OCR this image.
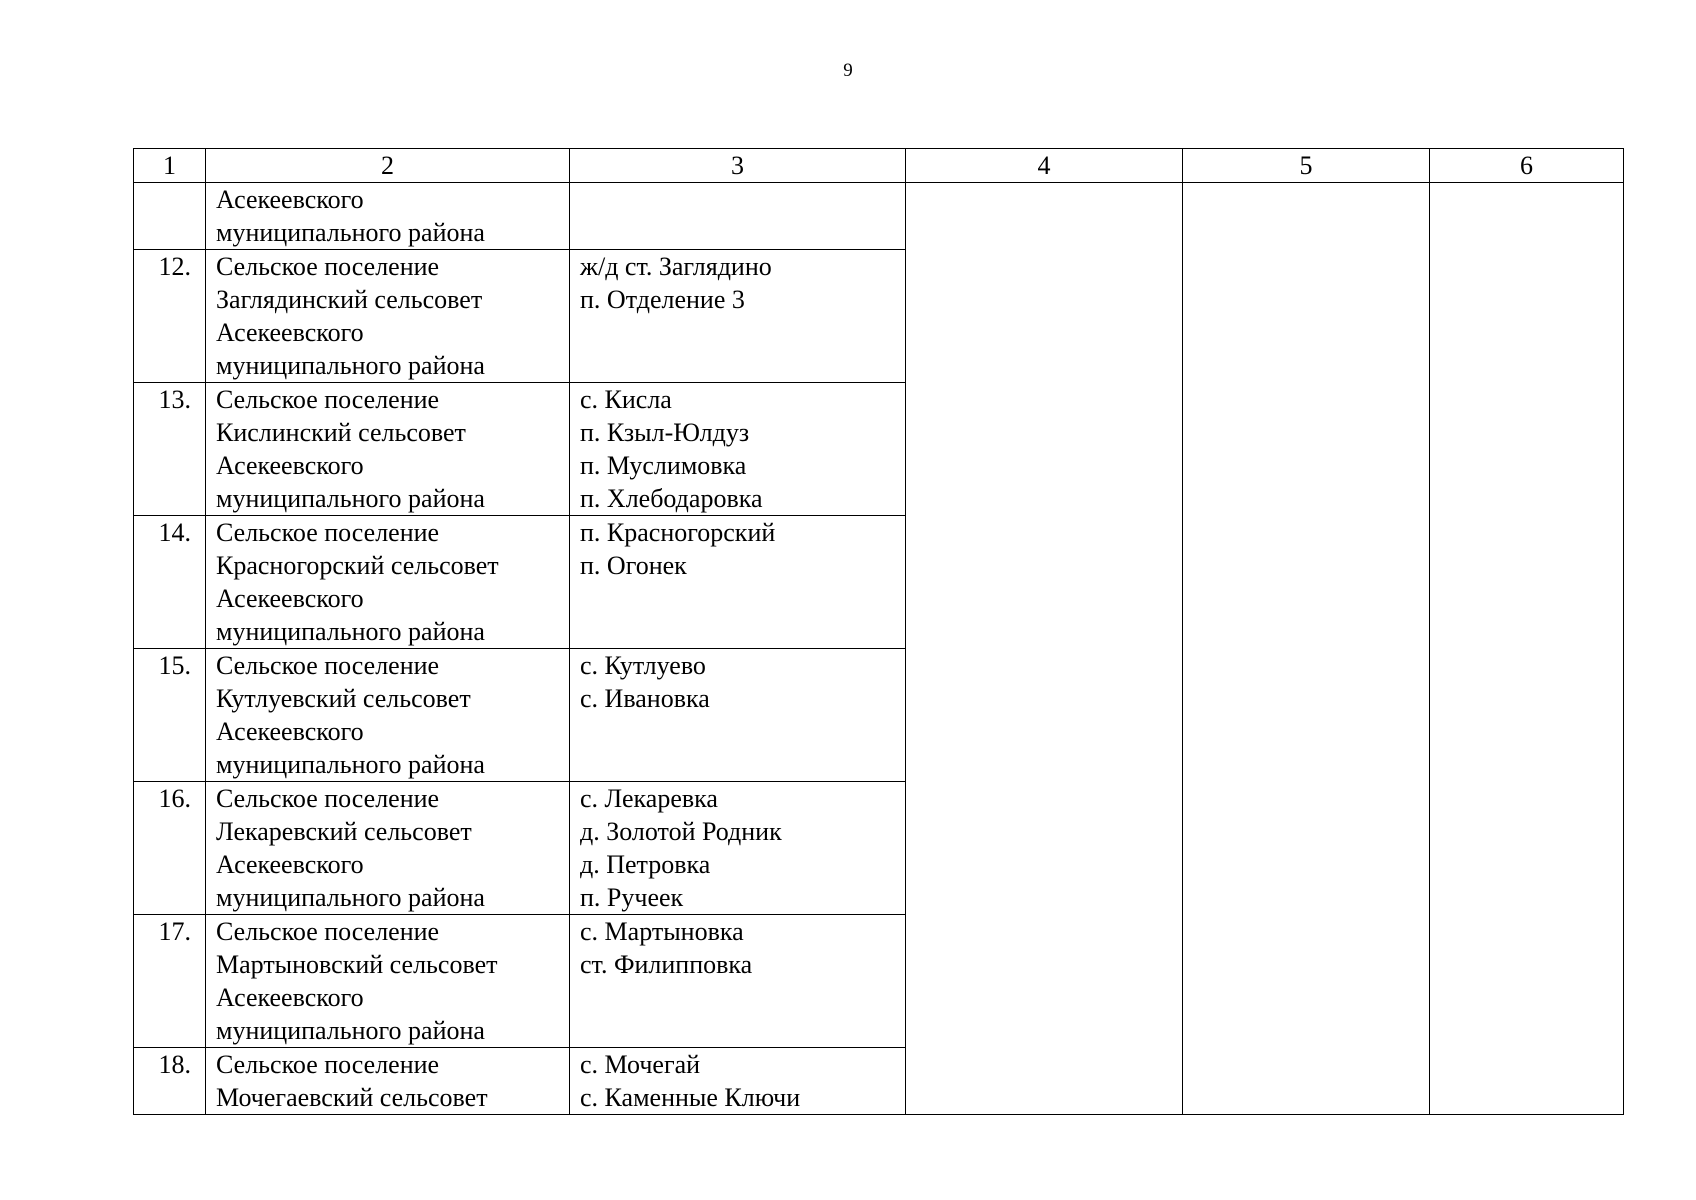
9
1	2	3	4	5	6

	Асекеевского
муниципального района				

12.	Сельское поселение
Заглядинский сельсовет
Асекеевского
муниципального района	ж/д ст. Заглядино
п. Отделение 3			

13.	Сельское поселение
Кислинский сельсовет
Асекеевского
муниципального района	с. Кисла
п. Кзыл-Юлдуз
п. Муслимовка
п. Хлебодаровка			

14.	Сельское поселение
Красногорский сельсовет
Асекеевского
муниципального района	п. Красногорский
п. Огонек			

15.	Сельское поселение
Кутлуевский сельсовет
Асекеевского
муниципального района	с. Кутлуево
с. Ивановка			

16.	Сельское поселение
Лекаревский сельсовет
Асекеевского
муниципального района	с. Лекаревка
д. Золотой Родник
д. Петровка
п. Ручеек			

17.	Сельское поселение
Мартыновский сельсовет
Асекеевского
муниципального района	с. Мартыновка
ст. Филипповка			

18.	Сельское поселение
Мочегаевский сельсовет	с. Мочегай
с. Каменные Ключи			
